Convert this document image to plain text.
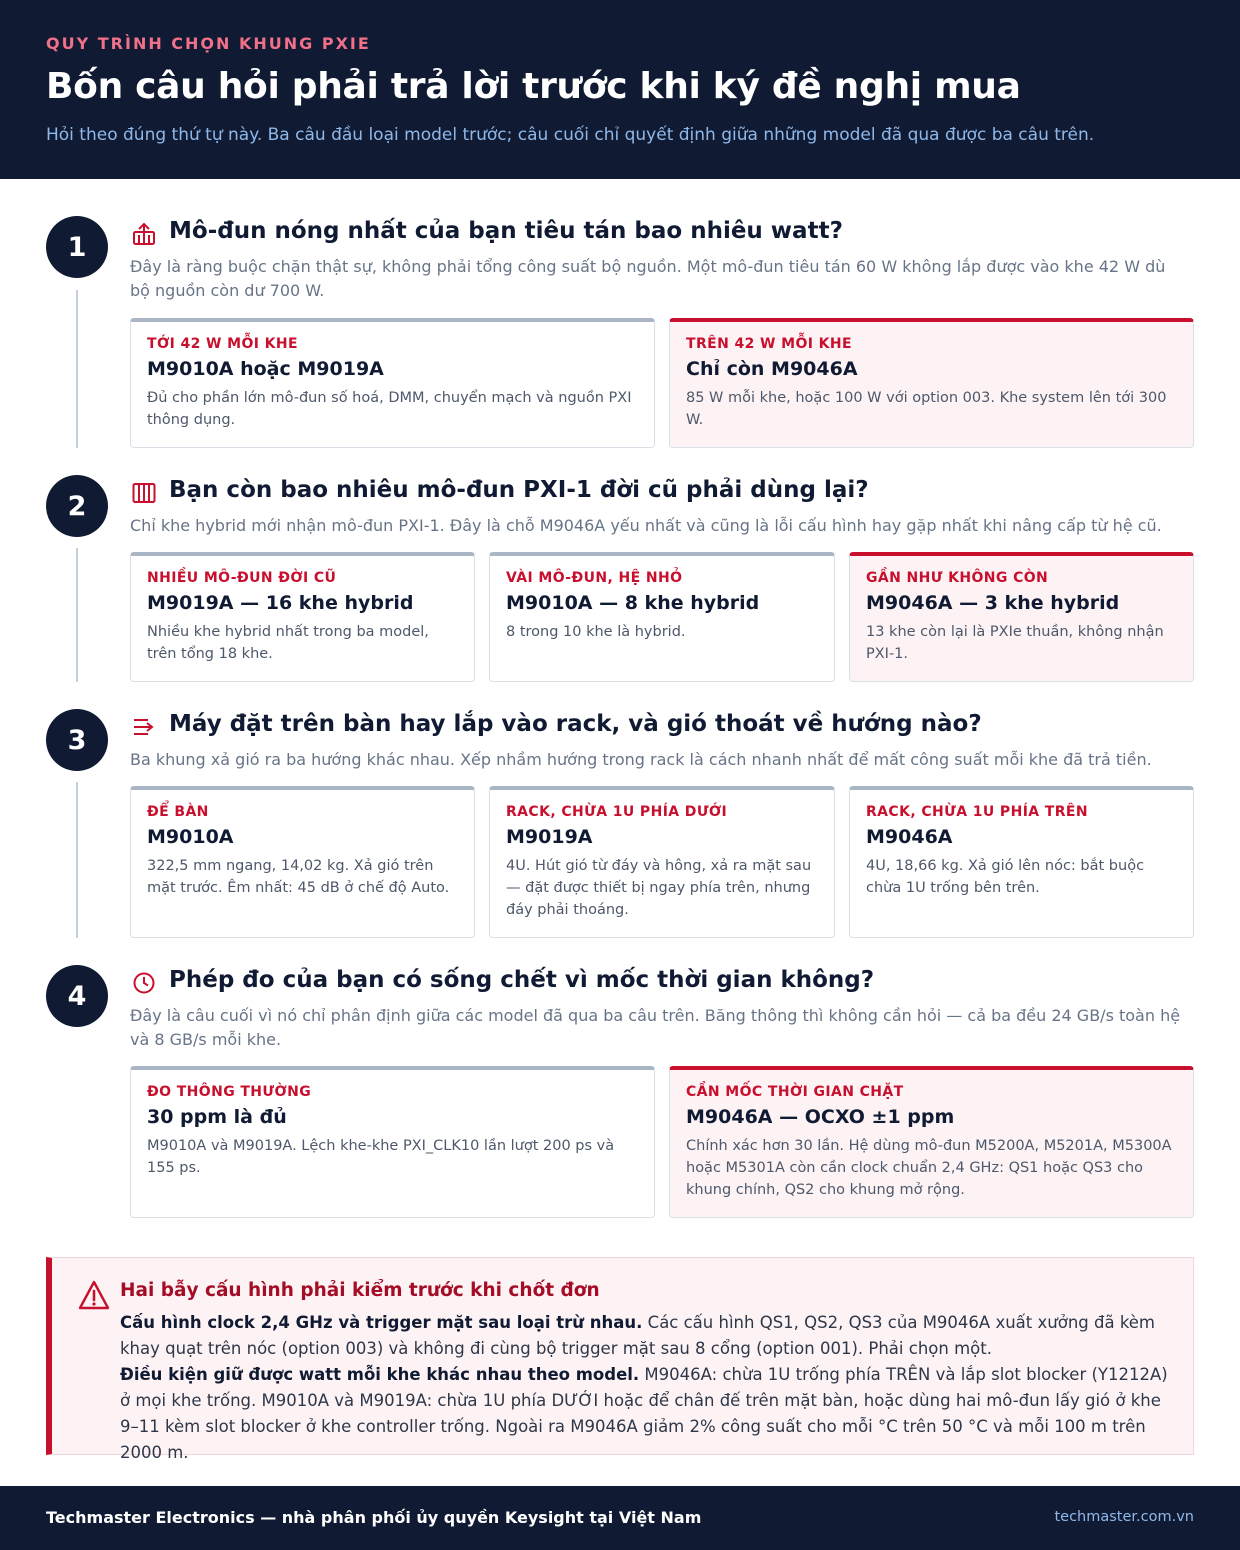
QUY TRÌNH CHỌN KHUNG PXIE
Bốn câu hỏi phải trả lời trước khi ký đề nghị mua
Hỏi theo đúng thứ tự này. Ba câu đầu loại model trước; câu cuối chỉ quyết định giữa những model đã qua được ba câu trên.
1
Mô-đun nóng nhất của bạn tiêu tán bao nhiêu watt?

Đây là ràng buộc chặn thật sự, không phải tổng công suất bộ nguồn. Một mô-đun tiêu tán 60 W không lắp được vào khe 42 W dù bộ nguồn còn dư 700 W.

TỚI 42 W MỖI KHE
M9010A hoặc M9019A
Đủ cho phần lớn mô-đun số hoá, DMM, chuyển mạch và nguồn PXI thông dụng.
TRÊN 42 W MỖI KHE
Chỉ còn M9046A
85 W mỗi khe, hoặc 100 W với option 003. Khe system lên tới 300 W.
2
Bạn còn bao nhiêu mô-đun PXI-1 đời cũ phải dùng lại?

Chỉ khe hybrid mới nhận mô-đun PXI-1. Đây là chỗ M9046A yếu nhất và cũng là lỗi cấu hình hay gặp nhất khi nâng cấp từ hệ cũ.

NHIỀU MÔ-ĐUN ĐỜI CŨ
M9019A — 16 khe hybrid
Nhiều khe hybrid nhất trong ba model, trên tổng 18 khe.
VÀI MÔ-ĐUN, HỆ NHỎ
M9010A — 8 khe hybrid
8 trong 10 khe là hybrid.
GẦN NHƯ KHÔNG CÒN
M9046A — 3 khe hybrid
13 khe còn lại là PXIe thuần, không nhận PXI-1.
3
Máy đặt trên bàn hay lắp vào rack, và gió thoát về hướng nào?

Ba khung xả gió ra ba hướng khác nhau. Xếp nhầm hướng trong rack là cách nhanh nhất để mất công suất mỗi khe đã trả tiền.

ĐỂ BÀN
M9010A
322,5 mm ngang, 14,02 kg. Xả gió trên mặt trước. Êm nhất: 45 dB ở chế độ Auto.
RACK, CHỪA 1U PHÍA DƯỚI
M9019A
4U. Hút gió từ đáy và hông, xả ra mặt sau — đặt được thiết bị ngay phía trên, nhưng đáy phải thoáng.
RACK, CHỪA 1U PHÍA TRÊN
M9046A
4U, 18,66 kg. Xả gió lên nóc: bắt buộc chừa 1U trống bên trên.
4
Phép đo của bạn có sống chết vì mốc thời gian không?

Đây là câu cuối vì nó chỉ phân định giữa các model đã qua ba câu trên. Băng thông thì không cần hỏi — cả ba đều 24 GB/s toàn hệ và 8 GB/s mỗi khe.

ĐO THÔNG THƯỜNG
30 ppm là đủ
M9010A và M9019A. Lệch khe-khe PXI_CLK10 lần lượt 200 ps và 155 ps.
CẦN MỐC THỜI GIAN CHẶT
M9046A — OCXO ±1 ppm
Chính xác hơn 30 lần. Hệ dùng mô-đun M5200A, M5201A, M5300A hoặc M5301A còn cần clock chuẩn 2,4 GHz: QS1 hoặc QS3 cho khung chính, QS2 cho khung mở rộng.
Hai bẫy cấu hình phải kiểm trước khi chốt đơn

Cấu hình clock 2,4 GHz và trigger mặt sau loại trừ nhau. Các cấu hình QS1, QS2, QS3 của M9046A xuất xưởng đã kèm khay quạt trên nóc (option 003) và không đi cùng bộ trigger mặt sau 8 cổng (option 001). Phải chọn một.

Điều kiện giữ được watt mỗi khe khác nhau theo model. M9046A: chừa 1U trống phía TRÊN và lắp slot blocker (Y1212A) ở mọi khe trống. M9010A và M9019A: chừa 1U phía DƯỚI hoặc để chân đế trên mặt bàn, hoặc dùng hai mô-đun lấy gió ở khe 9–11 kèm slot blocker ở khe controller trống. Ngoài ra M9046A giảm 2% công suất cho mỗi °C trên 50 °C và mỗi 100 m trên 2000 m.

Techmaster Electronics — nhà phân phối ủy quyền Keysight tại Việt Nam	techmaster.com.vn
